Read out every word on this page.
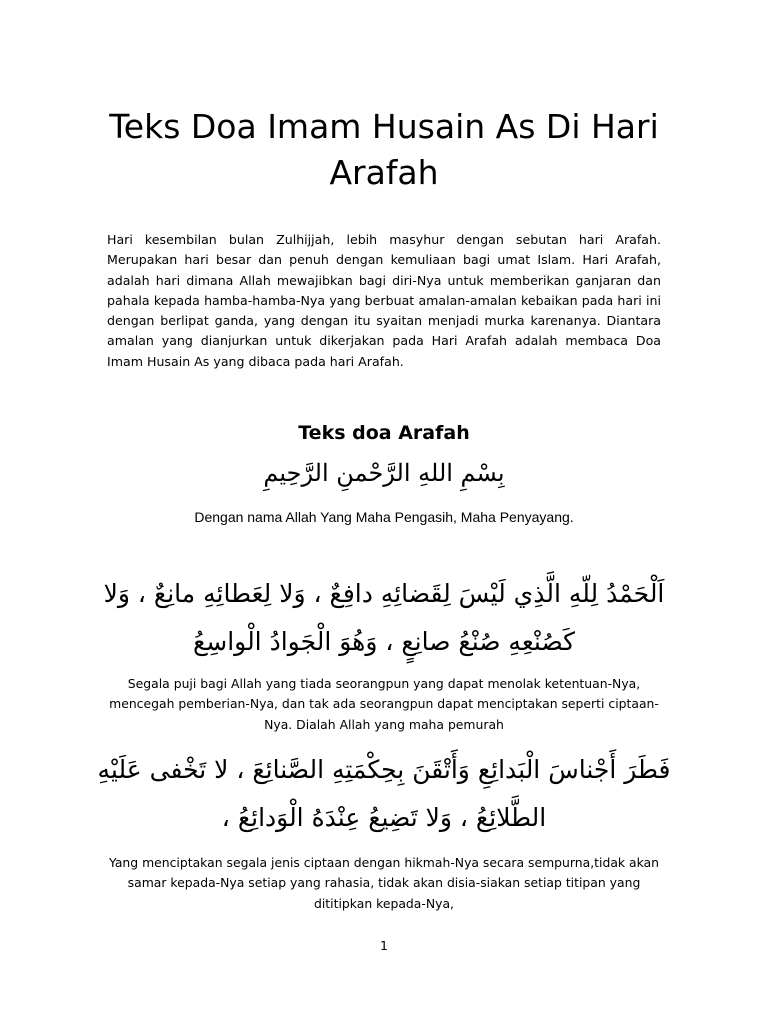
Teks Doa Imam Husain As Di Hari Arafah

Hari kesembilan bulan Zulhijjah, lebih masyhur dengan sebutan hari Arafah. Merupakan hari besar dan penuh dengan kemuliaan bagi umat Islam. Hari Arafah, adalah hari dimana Allah mewajibkan bagi diri-Nya untuk memberikan ganjaran dan pahala kepada hamba-hamba-Nya yang berbuat amalan-amalan kebaikan pada hari ini dengan berlipat ganda, yang dengan itu syaitan menjadi murka karenanya. Diantara amalan yang dianjurkan untuk dikerjakan pada Hari Arafah adalah membaca Doa Imam Husain As yang dibaca pada hari Arafah.

Teks doa Arafah

بِسْمِ اللهِ الرَّحْمنِ الرَّحِيمِ

Dengan nama Allah Yang Maha Pengasih, Maha Penyayang.

اَلْحَمْدُ لِلّهِ الَّذِي لَيْسَ لِقَضائِهِ دافِعٌ ، وَلا لِعَطائِهِ مانِعٌ ، وَلا كَصُنْعِهِ صُنْعُ صانِعٍ ، وَهُوَ الْجَوادُ الْواسِعُ

Segala puji bagi Allah yang tiada seorangpun yang dapat menolak ketentuan-Nya, mencegah pemberian-Nya, dan tak ada seorangpun dapat menciptakan seperti ciptaan-Nya. Dialah Allah yang maha pemurah

فَطَرَ أَجْناسَ الْبَدائِعِ وَأَتْقَنَ بِحِكْمَتِهِ الصَّنائِعَ ، لا تَخْفى عَلَيْهِ الطَّلائِعُ ، وَلا تَضِيعُ عِنْدَهُ الْوَدائِعُ ،

Yang menciptakan segala jenis ciptaan dengan hikmah-Nya secara sempurna,tidak akan samar kepada-Nya setiap yang rahasia, tidak akan disia-siakan setiap titipan yang dititipkan kepada-Nya,

1
